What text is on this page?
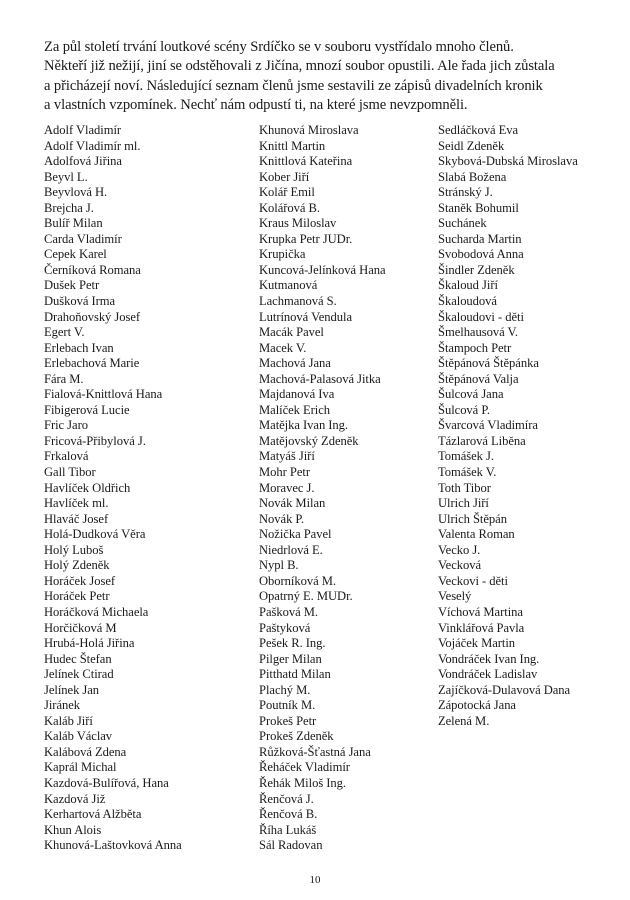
Za půl století trvání loutkové scény Srdíčko se v souboru vystřídalo mnoho členů.
Někteří již nežijí, jiní se odstěhovali z Jičína, mnozí soubor opustili. Ale řada jich zůstala
a přicházejí noví. Následující seznam členů jsme sestavili ze zápisů divadelních kronik
a vlastních vzpomínek. Nechť nám odpustí ti, na které jsme nevzpomněli.

Adolf Vladimír
Adolf Vladimír ml.
Adolfová Jiřina
Beyvl L.
Beyvlová H.
Brejcha J.
Bulíř Milan
Carda Vladimír
Cepek Karel
Černíková Romana
Dušek Petr
Dušková Irma
Drahoňovský Josef
Egert V.
Erlebach Ivan
Erlebachová Marie
Fára M.
Fialová-Knittlová Hana
Fibigerová Lucie
Fric Jaro
Fricová-Přibylová J.
Frkalová
Gall Tibor
Havlíček Oldřich
Havlíček ml.
Hlaváč Josef
Holá-Dudková Věra
Holý Luboš
Holý Zdeněk
Horáček Josef
Horáček Petr
Horáčková Michaela
Horčičková M
Hrubá-Holá Jiřina
Hudec Štefan
Jelínek Ctirad
Jelínek Jan
Jiránek
Kaláb Jiří
Kaláb Václav
Kalábová Zdena
Kaprál Michal
Kazdová-Bulířová, Hana
Kazdová Již
Kerhartová Alžběta
Khun Alois
Khunová-Laštovková Anna
Khunová Miroslava
Knittl Martin
Knittlová Kateřina
Kober Jiří
Kolář Emil
Kolářová B.
Kraus Miloslav
Krupka Petr JUDr.
Krupička
Kuncová-Jelínková Hana
Kutmanová
Lachmanová S.
Lutrínová Vendula
Macák Pavel
Macek V.
Machová Jana
Machová-Palasová Jitka
Majdanová Iva
Malíček Erich
Matějka Ivan Ing.
Matějovský Zdeněk
Matyáš Jiří
Mohr Petr
Moravec J.
Novák Milan
Novák P.
Nožička Pavel
Niedrlová E.
Nypl B.
Oborníková M.
Opatrný E. MUDr.
Pašková M.
Paštyková
Pešek R. Ing.
Pilger Milan
Pitthatd Milan
Plachý M.
Poutník M.
Prokeš Petr
Prokeš Zdeněk
Růžková-Šťastná Jana
Řeháček Vladimír
Řehák Miloš Ing.
Řenčová J.
Řenčová B.
Říha Lukáš
Sál Radovan
Sedláčková Eva
Seidl Zdeněk
Skybová-Dubská Miroslava
Slabá Božena
Stránský J.
Staněk Bohumil
Suchánek
Sucharda Martin
Svobodová Anna
Šindler Zdeněk
Škaloud Jiří
Škaloudová
Škaloudovi - děti
Šmelhausová V.
Štampoch Petr
Štěpánová Štěpánka
Štěpánová Valja
Šulcová Jana
Šulcová P.
Švarcová Vladimíra
Tázlarová Liběna
Tomášek J.
Tomášek V.
Toth Tibor
Ulrich Jiří
Ulrich Štěpán
Valenta Roman
Vecko J.
Vecková
Veckovi - děti
Veselý
Víchová Martina
Vinklářová Pavla
Vojáček Martin
Vondráček Ivan Ing.
Vondráček Ladislav
Zajíčková-Dulavová Dana
Zápotocká Jana
Zelená M.
10
